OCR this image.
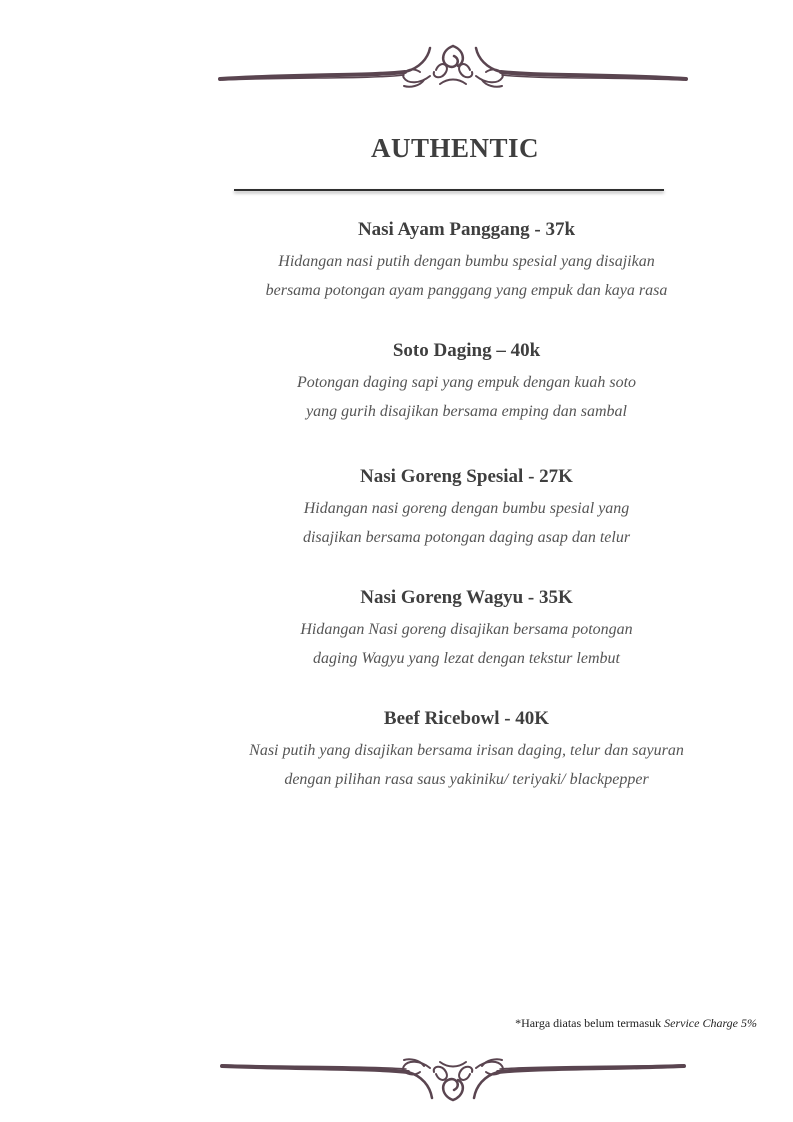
AUTHENTIC
Nasi Ayam Panggang - 37k
Hidangan nasi putih dengan bumbu spesial yang disajikan
bersama potongan ayam panggang yang empuk dan kaya rasa
Soto Daging – 40k
Potongan daging sapi yang empuk dengan kuah soto
yang gurih disajikan bersama emping dan sambal
Nasi Goreng Spesial - 27K
Hidangan nasi goreng dengan bumbu spesial yang
disajikan bersama potongan daging asap dan telur
Nasi Goreng Wagyu - 35K
Hidangan Nasi goreng disajikan bersama potongan
daging Wagyu yang lezat dengan tekstur lembut
Beef Ricebowl - 40K
Nasi putih yang disajikan bersama irisan daging, telur dan sayuran
dengan pilihan rasa saus yakiniku/ teriyaki/ blackpepper
*Harga diatas belum termasuk Service Charge 5%
